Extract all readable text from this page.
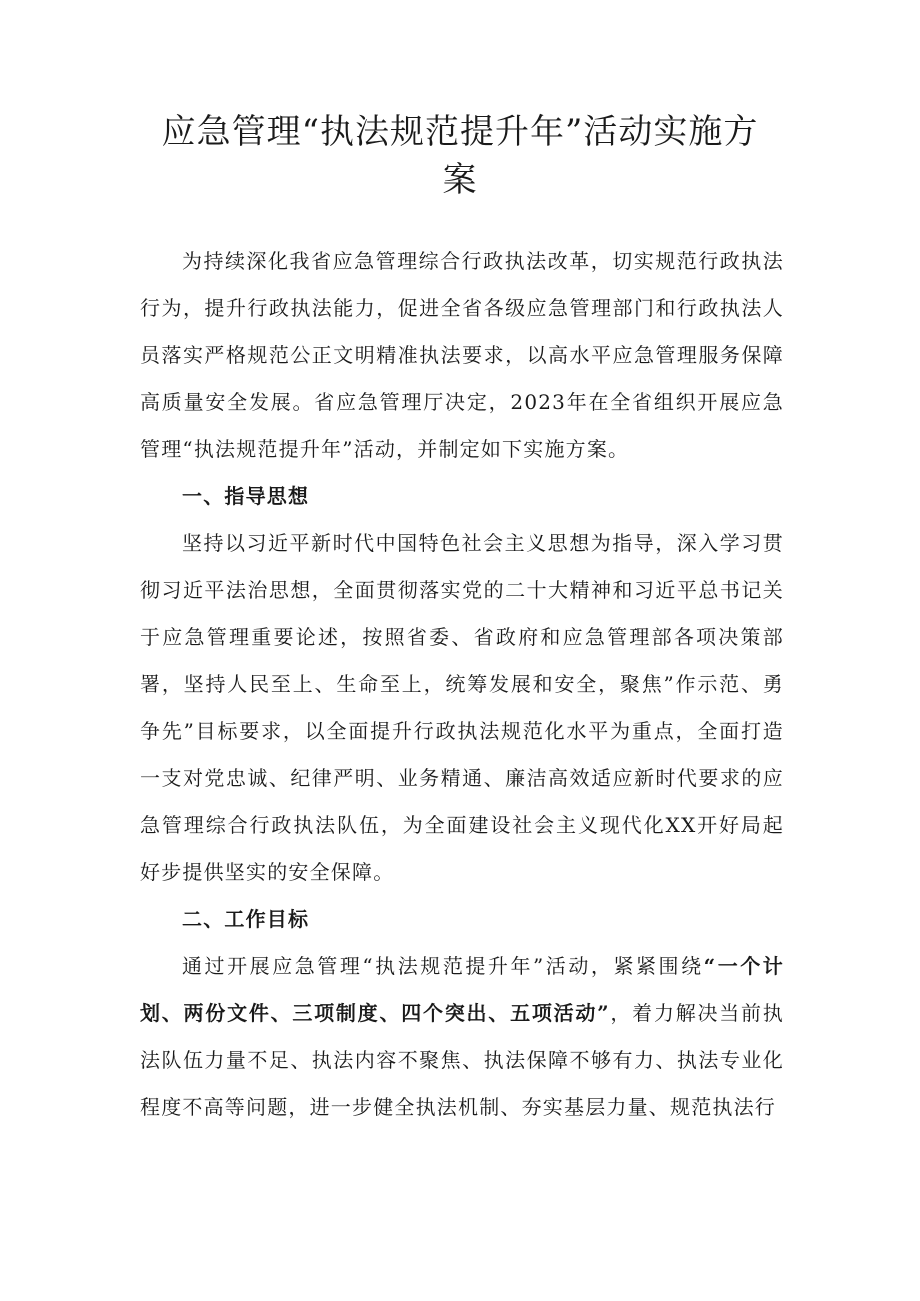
应急管理“执法规范提升年”活动实施方
案

为持续深化我省应急管理综合行政执法改革，切实规范行政执法行为，提升行政执法能力，促进全省各级应急管理部门和行政执法人员落实严格规范公正文明精准执法要求，以高水平应急管理服务保障高质量安全发展。省应急管理厅决定，2023年在全省组织开展应急管理“执法规范提升年”活动，并制定如下实施方案。

一、指导思想

坚持以习近平新时代中国特色社会主义思想为指导，深入学习贯彻习近平法治思想，全面贯彻落实党的二十大精神和习近平总书记关于应急管理重要论述，按照省委、省政府和应急管理部各项决策部署，坚持人民至上、生命至上，统筹发展和安全，聚焦”作示范、勇争先”目标要求，以全面提升行政执法规范化水平为重点，全面打造一支对党忠诚、纪律严明、业务精通、廉洁高效适应新时代要求的应急管理综合行政执法队伍，为全面建设社会主义现代化XX开好局起好步提供坚实的安全保障。

二、工作目标

通过开展应急管理“执法规范提升年”活动，紧紧围绕“一个计划、两份文件、三项制度、四个突出、五项活动”，着力解决当前执法队伍力量不足、执法内容不聚焦、执法保障不够有力、执法专业化程度不高等问题，进一步健全执法机制、夯实基层力量、规范执法行
